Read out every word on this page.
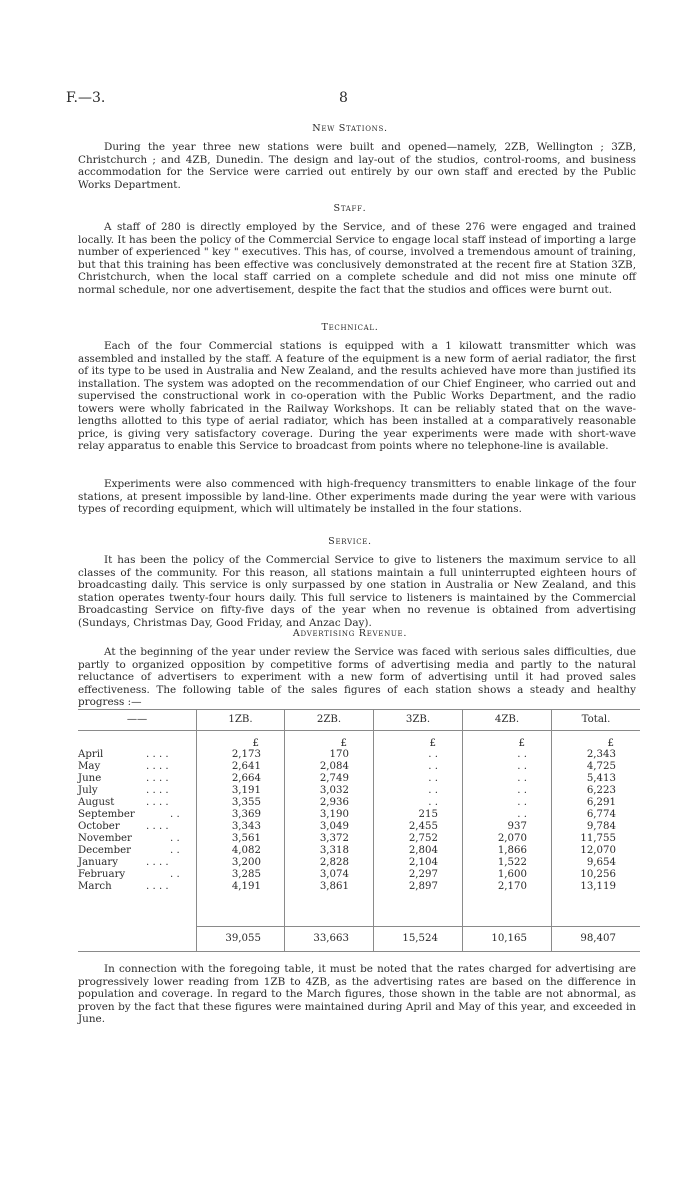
F.—3.	8
New Stations.

During the year three new stations were built and opened—namely, 2ZB, Wellington ; 3ZB, Christchurch ; and 4ZB, Dunedin. The design and lay-out of the studios, control-rooms, and business accommodation for the Service were carried out entirely by our own staff and erected by the Public Works Department.

Staff.

A staff of 280 is directly employed by the Service, and of these 276 were engaged and trained locally. It has been the policy of the Commercial Service to engage local staff instead of importing a large number of experienced " key " executives. This has, of course, involved a tremendous amount of training, but that this training has been effective was conclusively demonstrated at the recent fire at Station 3ZB, Christchurch, when the local staff carried on a complete schedule and did not miss one minute off normal schedule, nor one advertisement, despite the fact that the studios and offices were burnt out.

Technical.

Each of the four Commercial stations is equipped with a 1 kilowatt transmitter which was assembled and installed by the staff. A feature of the equipment is a new form of aerial radiator, the first of its type to be used in Australia and New Zealand, and the results achieved have more than justified its installation. The system was adopted on the recommendation of our Chief Engineer, who carried out and supervised the constructional work in co-operation with the Public Works Department, and the radio towers were wholly fabricated in the Railway Workshops. It can be reliably stated that on the wave-lengths allotted to this type of aerial radiator, which has been installed at a comparatively reasonable price, is giving very satisfactory coverage. During the year experiments were made with short-wave relay apparatus to enable this Service to broadcast from points where no telephone-line is available.

Experiments were also commenced with high-frequency transmitters to enable linkage of the four stations, at present impossible by land-line. Other experiments made during the year were with various types of recording equipment, which will ultimately be installed in the four stations.

Service.

It has been the policy of the Commercial Service to give to listeners the maximum service to all classes of the community. For this reason, all stations maintain a full uninterrupted eighteen hours of broadcasting daily. This service is only surpassed by one station in Australia or New Zealand, and this station operates twenty-four hours daily. This full service to listeners is maintained by the Commercial Broadcasting Service on fifty-five days of the year when no revenue is obtained from advertising (Sundays, Christmas Day, Good Friday, and Anzac Day).

Advertising Revenue.

At the beginning of the year under review the Service was faced with serious sales difficulties, due partly to organized opposition by competitive forms of advertising media and partly to the natural reluctance of advertisers to experiment with a new form of advertising until it had proved sales effectiveness. The following table of the sales figures of each station shows a steady and healthy progress :—

——	1ZB.	2ZB.	3ZB.	4ZB.	Total.
£	£	£	£	£
April	. . . .	2,173	170	. .	. .	2,343
May	. . . .	2,641	2,084	. .	. .	4,725
June	. . . .	2,664	2,749	. .	. .	5,413
July	. . . .	3,191	3,032	. .	. .	6,223
August	. . . .	3,355	2,936	. .	. .	6,291
September	. .	3,369	3,190	215	. .	6,774
October	. . . .	3,343	3,049	2,455	937	9,784
November	. .	3,561	3,372	2,752	2,070	11,755
December	. .	4,082	3,318	2,804	1,866	12,070
January	. . . .	3,200	2,828	2,104	1,522	9,654
February	. .	3,285	3,074	2,297	1,600	10,256
March	. . . .	4,191	3,861	2,897	2,170	13,119
39,055	33,663	15,524	10,165	98,407

In connection with the foregoing table, it must be noted that the rates charged for advertising are progressively lower reading from 1ZB to 4ZB, as the advertising rates are based on the difference in population and coverage. In regard to the March figures, those shown in the table are not abnormal, as proven by the fact that these figures were maintained during April and May of this year, and exceeded in June.
